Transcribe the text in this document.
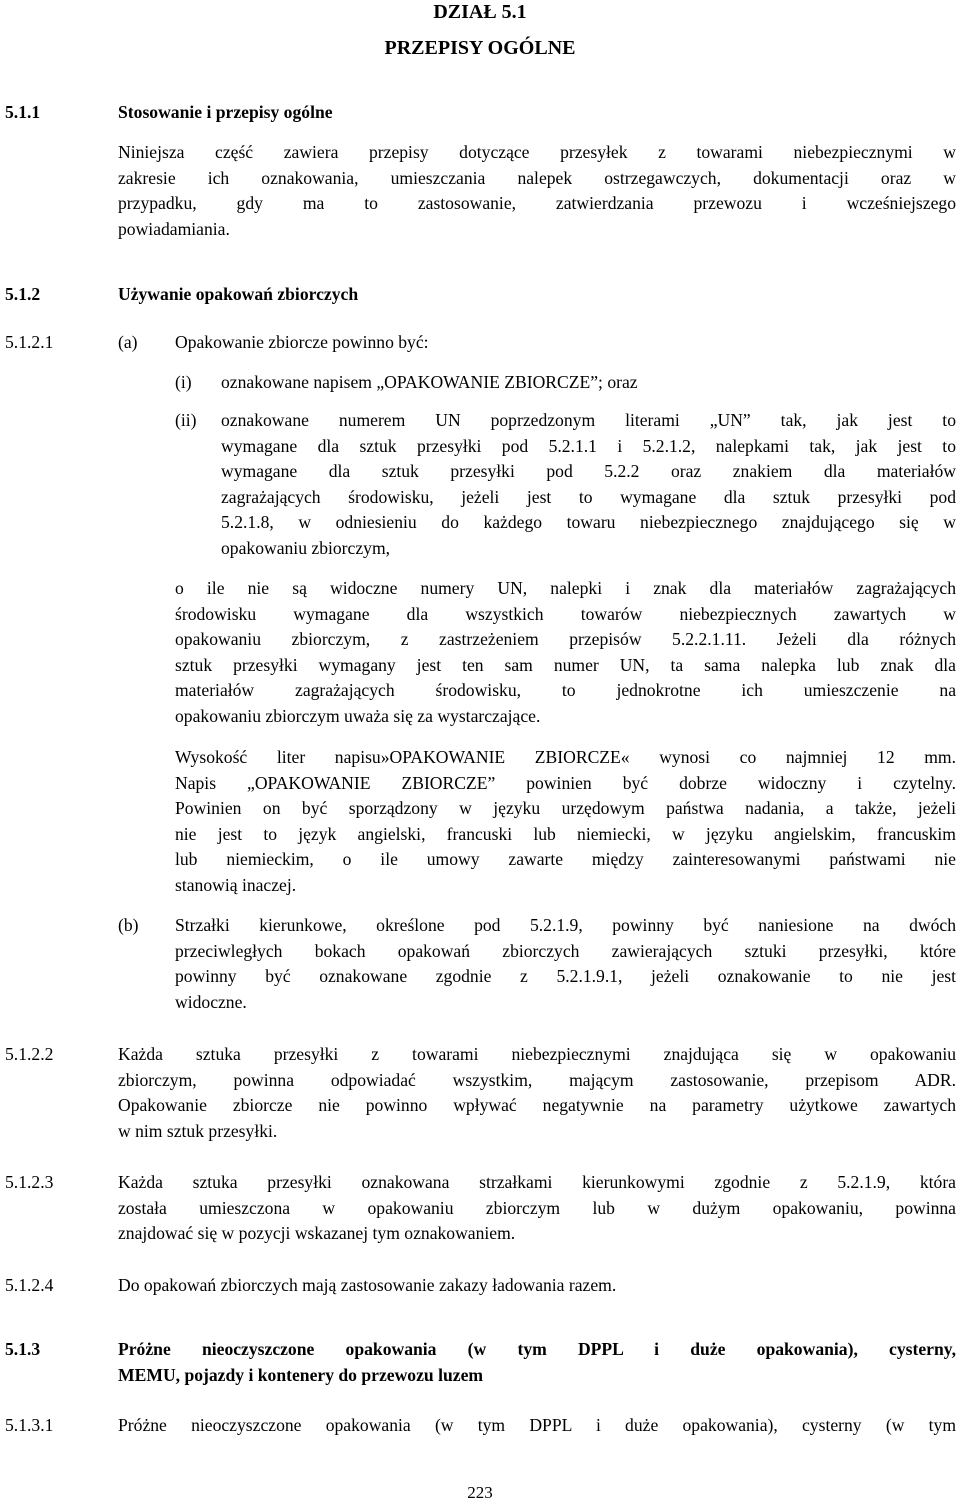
DZIAŁ 5.1
PRZEPISY OGÓLNE
5.1.1	Stosowanie i przepisy ogólne
Niniejsza część zawiera przepisy dotyczące przesyłek z towarami niebezpiecznymi w
zakresie ich oznakowania, umieszczania nalepek ostrzegawczych, dokumentacji oraz w
przypadku, gdy ma to zastosowanie, zatwierdzania przewozu i wcześniejszego
powiadamiania.
5.1.2	Używanie opakowań zbiorczych
5.1.2.1	(a) Opakowanie zbiorcze powinno być:
(i) oznakowane napisem „OPAKOWANIE ZBIORCZE”; oraz
(ii) oznakowane numerem UN poprzedzonym literami „UN” tak, jak jest to
wymagane dla sztuk przesyłki pod 5.2.1.1 i 5.2.1.2, nalepkami tak, jak jest to
wymagane dla sztuk przesyłki pod 5.2.2 oraz znakiem dla materiałów
zagrażających środowisku, jeżeli jest to wymagane dla sztuk przesyłki pod
5.2.1.8, w odniesieniu do każdego towaru niebezpiecznego znajdującego się w
opakowaniu zbiorczym,
o ile nie są widoczne numery UN, nalepki i znak dla materiałów zagrażających
środowisku wymagane dla wszystkich towarów niebezpiecznych zawartych w
opakowaniu zbiorczym, z zastrzeżeniem przepisów 5.2.2.1.11. Jeżeli dla różnych
sztuk przesyłki wymagany jest ten sam numer UN, ta sama nalepka lub znak dla
materiałów zagrażających środowisku, to jednokrotne ich umieszczenie na
opakowaniu zbiorczym uważa się za wystarczające.
Wysokość liter napisu»OPAKOWANIE ZBIORCZE« wynosi co najmniej 12 mm.
Napis „OPAKOWANIE ZBIORCZE” powinien być dobrze widoczny i czytelny.
Powinien on być sporządzony w języku urzędowym państwa nadania, a także, jeżeli
nie jest to język angielski, francuski lub niemiecki, w języku angielskim, francuskim
lub niemieckim, o ile umowy zawarte między zainteresowanymi państwami nie
stanowią inaczej.
(b) Strzałki kierunkowe, określone pod 5.2.1.9, powinny być naniesione na dwóch
przeciwległych bokach opakowań zbiorczych zawierających sztuki przesyłki, które
powinny być oznakowane zgodnie z 5.2.1.9.1, jeżeli oznakowanie to nie jest
widoczne.
5.1.2.2	Każda sztuka przesyłki z towarami niebezpiecznymi znajdująca się w opakowaniu
zbiorczym, powinna odpowiadać wszystkim, mającym zastosowanie, przepisom ADR.
Opakowanie zbiorcze nie powinno wpływać negatywnie na parametry użytkowe zawartych
w nim sztuk przesyłki.
5.1.2.3	Każda sztuka przesyłki oznakowana strzałkami kierunkowymi zgodnie z 5.2.1.9, która
została umieszczona w opakowaniu zbiorczym lub w dużym opakowaniu, powinna
znajdować się w pozycji wskazanej tym oznakowaniem.
5.1.2.4	Do opakowań zbiorczych mają zastosowanie zakazy ładowania razem.
5.1.3	Próżne nieoczyszczone opakowania (w tym DPPL i duże opakowania), cysterny,
MEMU, pojazdy i kontenery do przewozu luzem
5.1.3.1	Próżne nieoczyszczone opakowania (w tym DPPL i duże opakowania), cysterny (w tym
223
